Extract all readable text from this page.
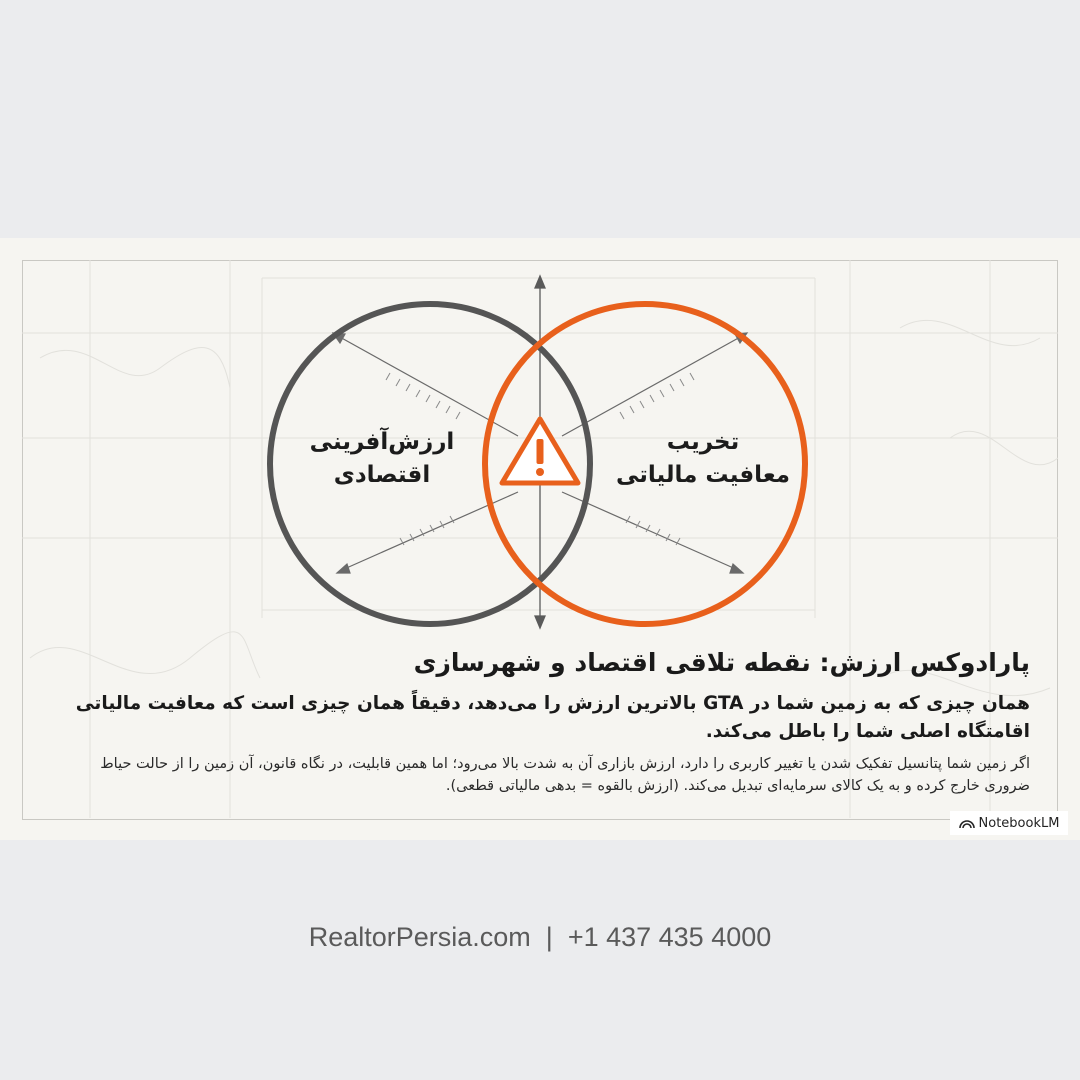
ارزش‌آفرینی
اقتصادی
تخریب
معافیت مالیاتی
پارادوکس ارزش: نقطه تلاقی اقتصاد و شهرسازی
همان چیزی که به زمین شما در GTA بالاترین ارزش را می‌دهد، دقیقاً همان چیزی است که معافیت مالیاتی اقامتگاه اصلی شما را باطل می‌کند.
اگر زمین شما پتانسیل تفکیک شدن یا تغییر کاربری را دارد، ارزش بازاری آن به شدت بالا می‌رود؛ اما همین قابلیت، در نگاه قانون، آن زمین را از حالت حیاط ضروری خارج کرده و به یک کالای سرمایه‌ای تبدیل می‌کند. (ارزش بالقوه = بدهی مالیاتی قطعی).
NotebookLM
RealtorPersia.com  |  +1 437 435 4000
